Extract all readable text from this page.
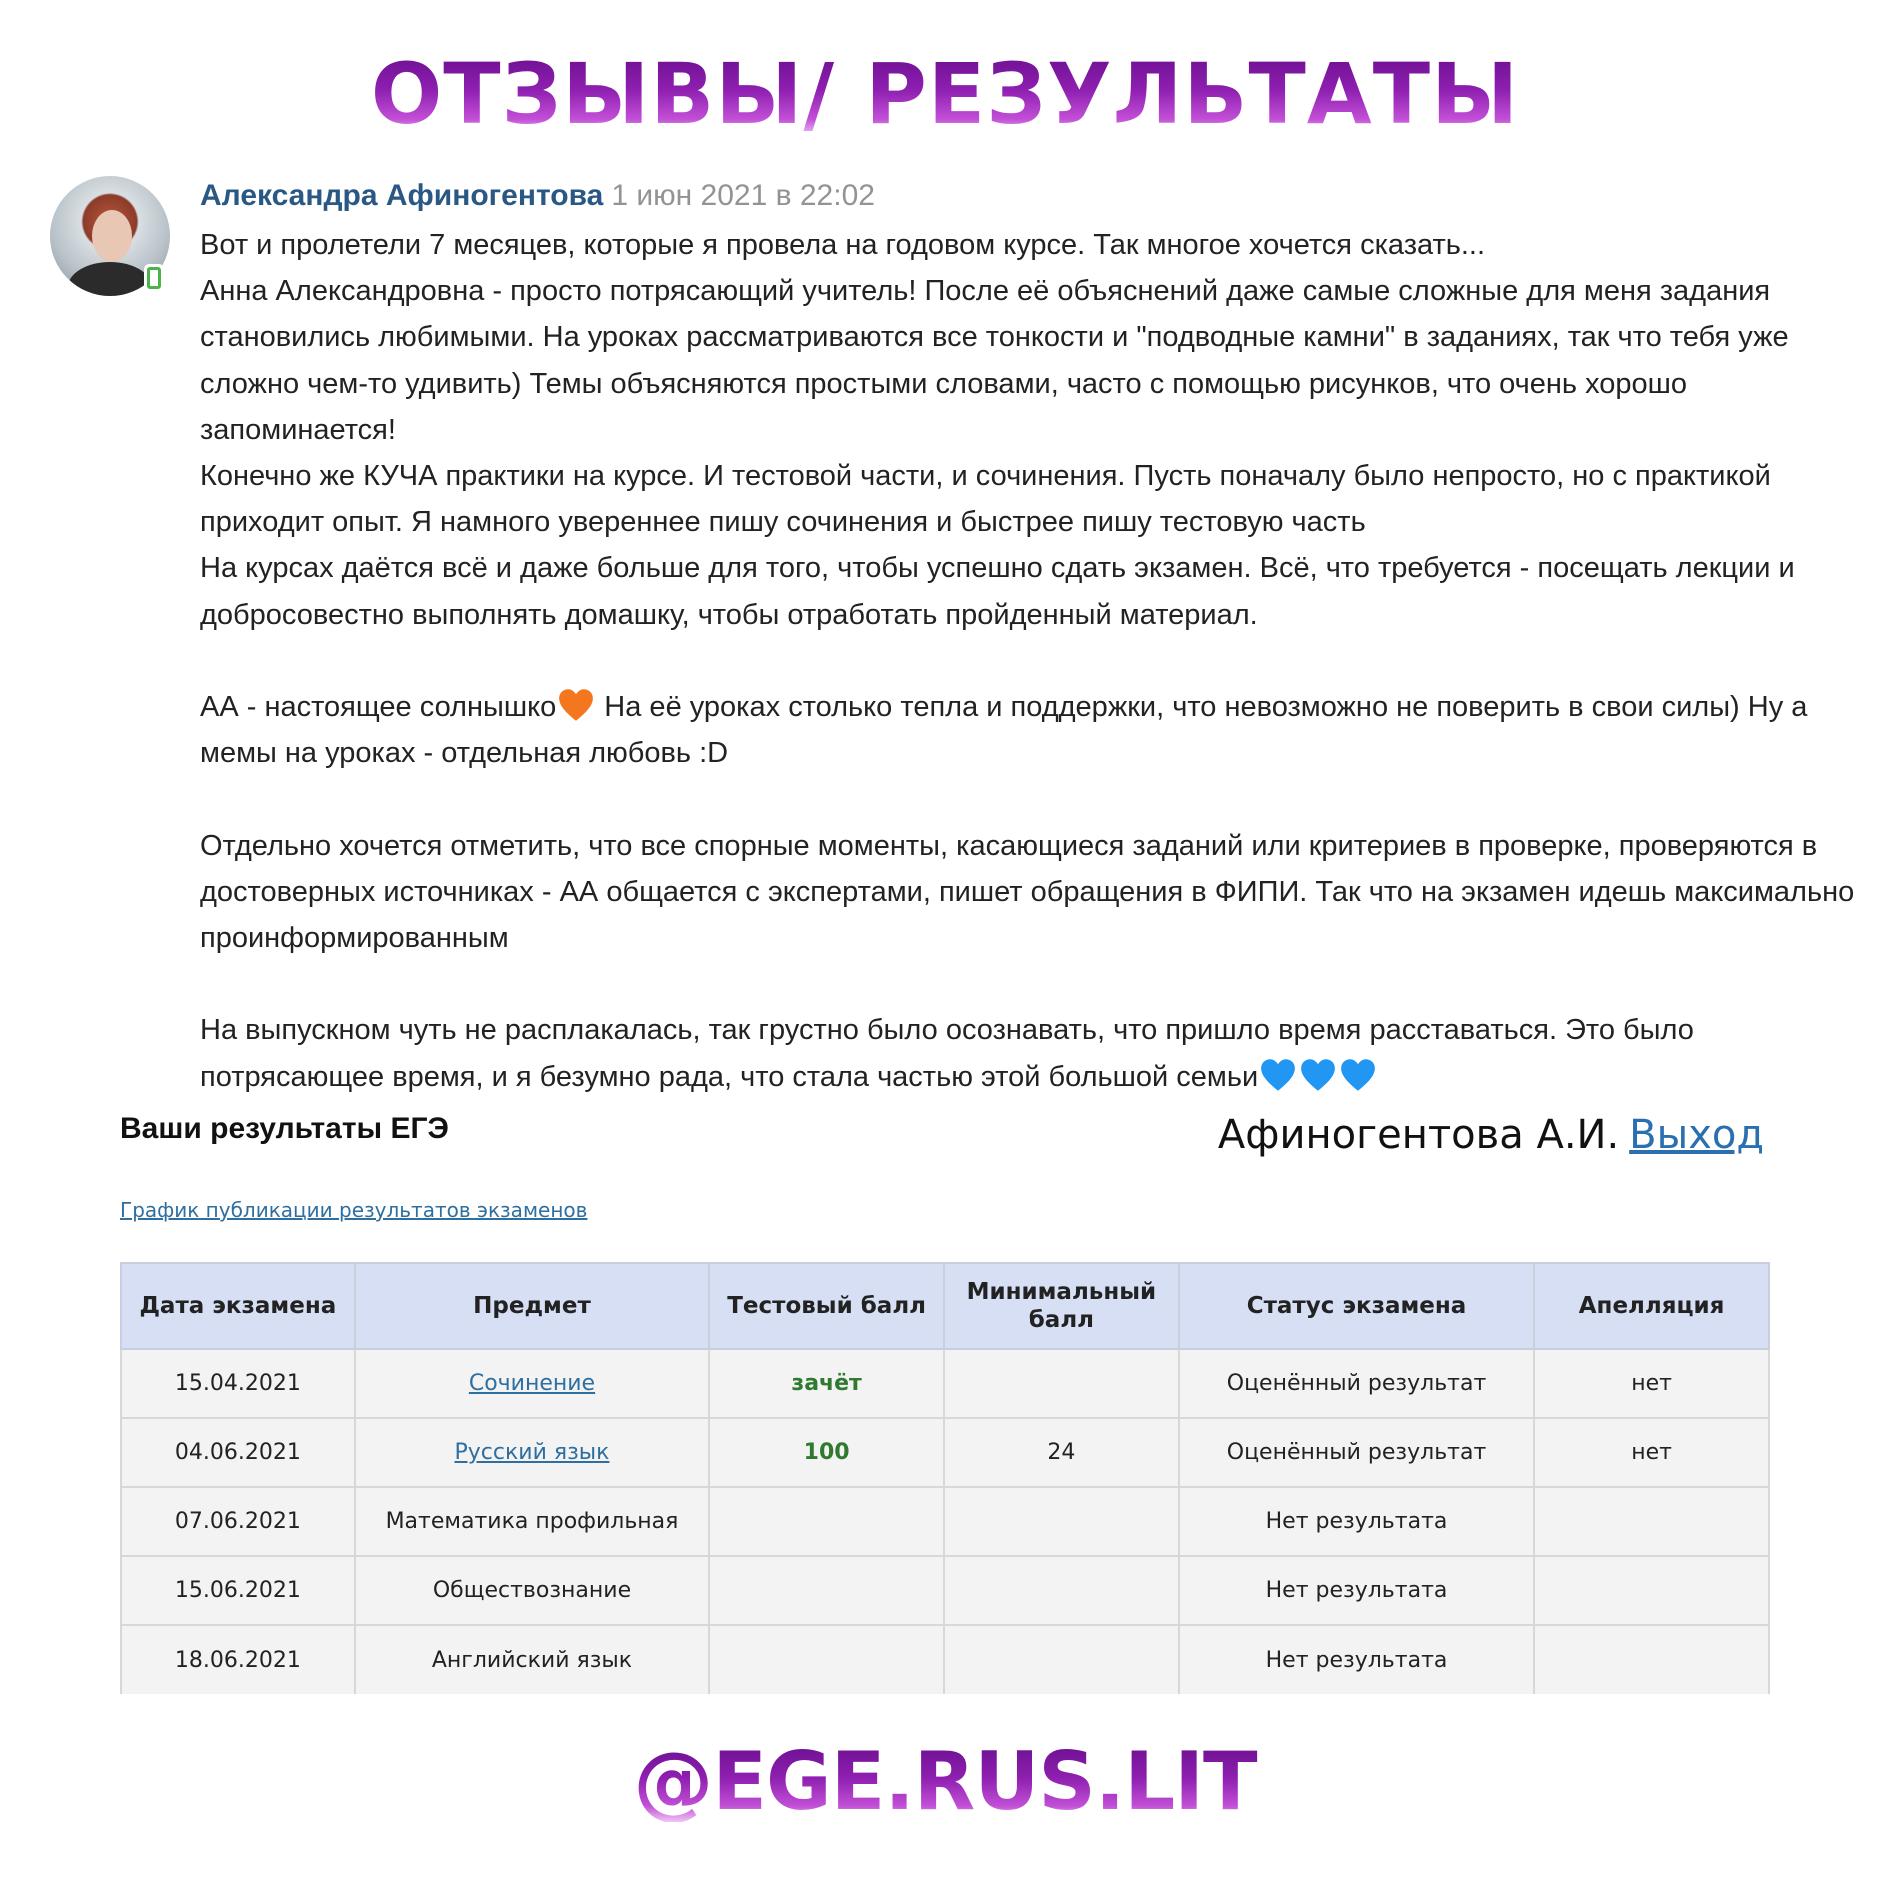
ОТЗЫВЫ/ РЕЗУЛЬТАТЫ
Александра Афиногентова 1 июн 2021 в 22:02

Вот и пролетели 7 месяцев, которые я провела на годовом курсе. Так многое хочется сказать...
Анна Александровна - просто потрясающий учитель! После её объяснений даже самые сложные для меня задания становились любимыми. На уроках рассматриваются все тонкости и "подводные камни" в заданиях, так что тебя уже сложно чем-то удивить) Темы объясняются простыми словами, часто с помощью рисунков, что очень хорошо запоминается!
Конечно же КУЧА практики на курсе. И тестовой части, и сочинения. Пусть поначалу было непросто, но с практикой приходит опыт. Я намного увереннее пишу сочинения и быстрее пишу тестовую часть
На курсах даётся всё и даже больше для того, чтобы успешно сдать экзамен. Всё, что требуется - посещать лекции и добросовестно выполнять домашку, чтобы отработать пройденный материал.

АА - настоящее солнышко На её уроках столько тепла и поддержки, что невозможно не поверить в свои силы) Ну а мемы на уроках - отдельная любовь :D

Отдельно хочется отметить, что все спорные моменты, касающиеся заданий или критериев в проверке, проверяются в достоверных источниках - АА общается с экспертами, пишет обращения в ФИПИ. Так что на экзамен идешь максимально проинформированным

На выпускном чуть не расплакалась, так грустно было осознавать, что пришло время расставаться. Это было потрясающее время, и я безумно рада, что стала частью этой большой семьи

Ваши результаты ЕГЭ	Афиногентова А.И. Выход
График публикации результатов экзаменов
Дата экзамена	Предмет	Тестовый балл	Минимальный балл	Статус экзамена	Апелляция
15.04.2021	Сочинение	зачёт		Оценённый результат	нет
04.06.2021	Русский язык	100	24	Оценённый результат	нет
07.06.2021	Математика профильная			Нет результата	
15.06.2021	Обществознание			Нет результата	
18.06.2021	Английский язык			Нет результата	
@EGE.RUS.LIT
